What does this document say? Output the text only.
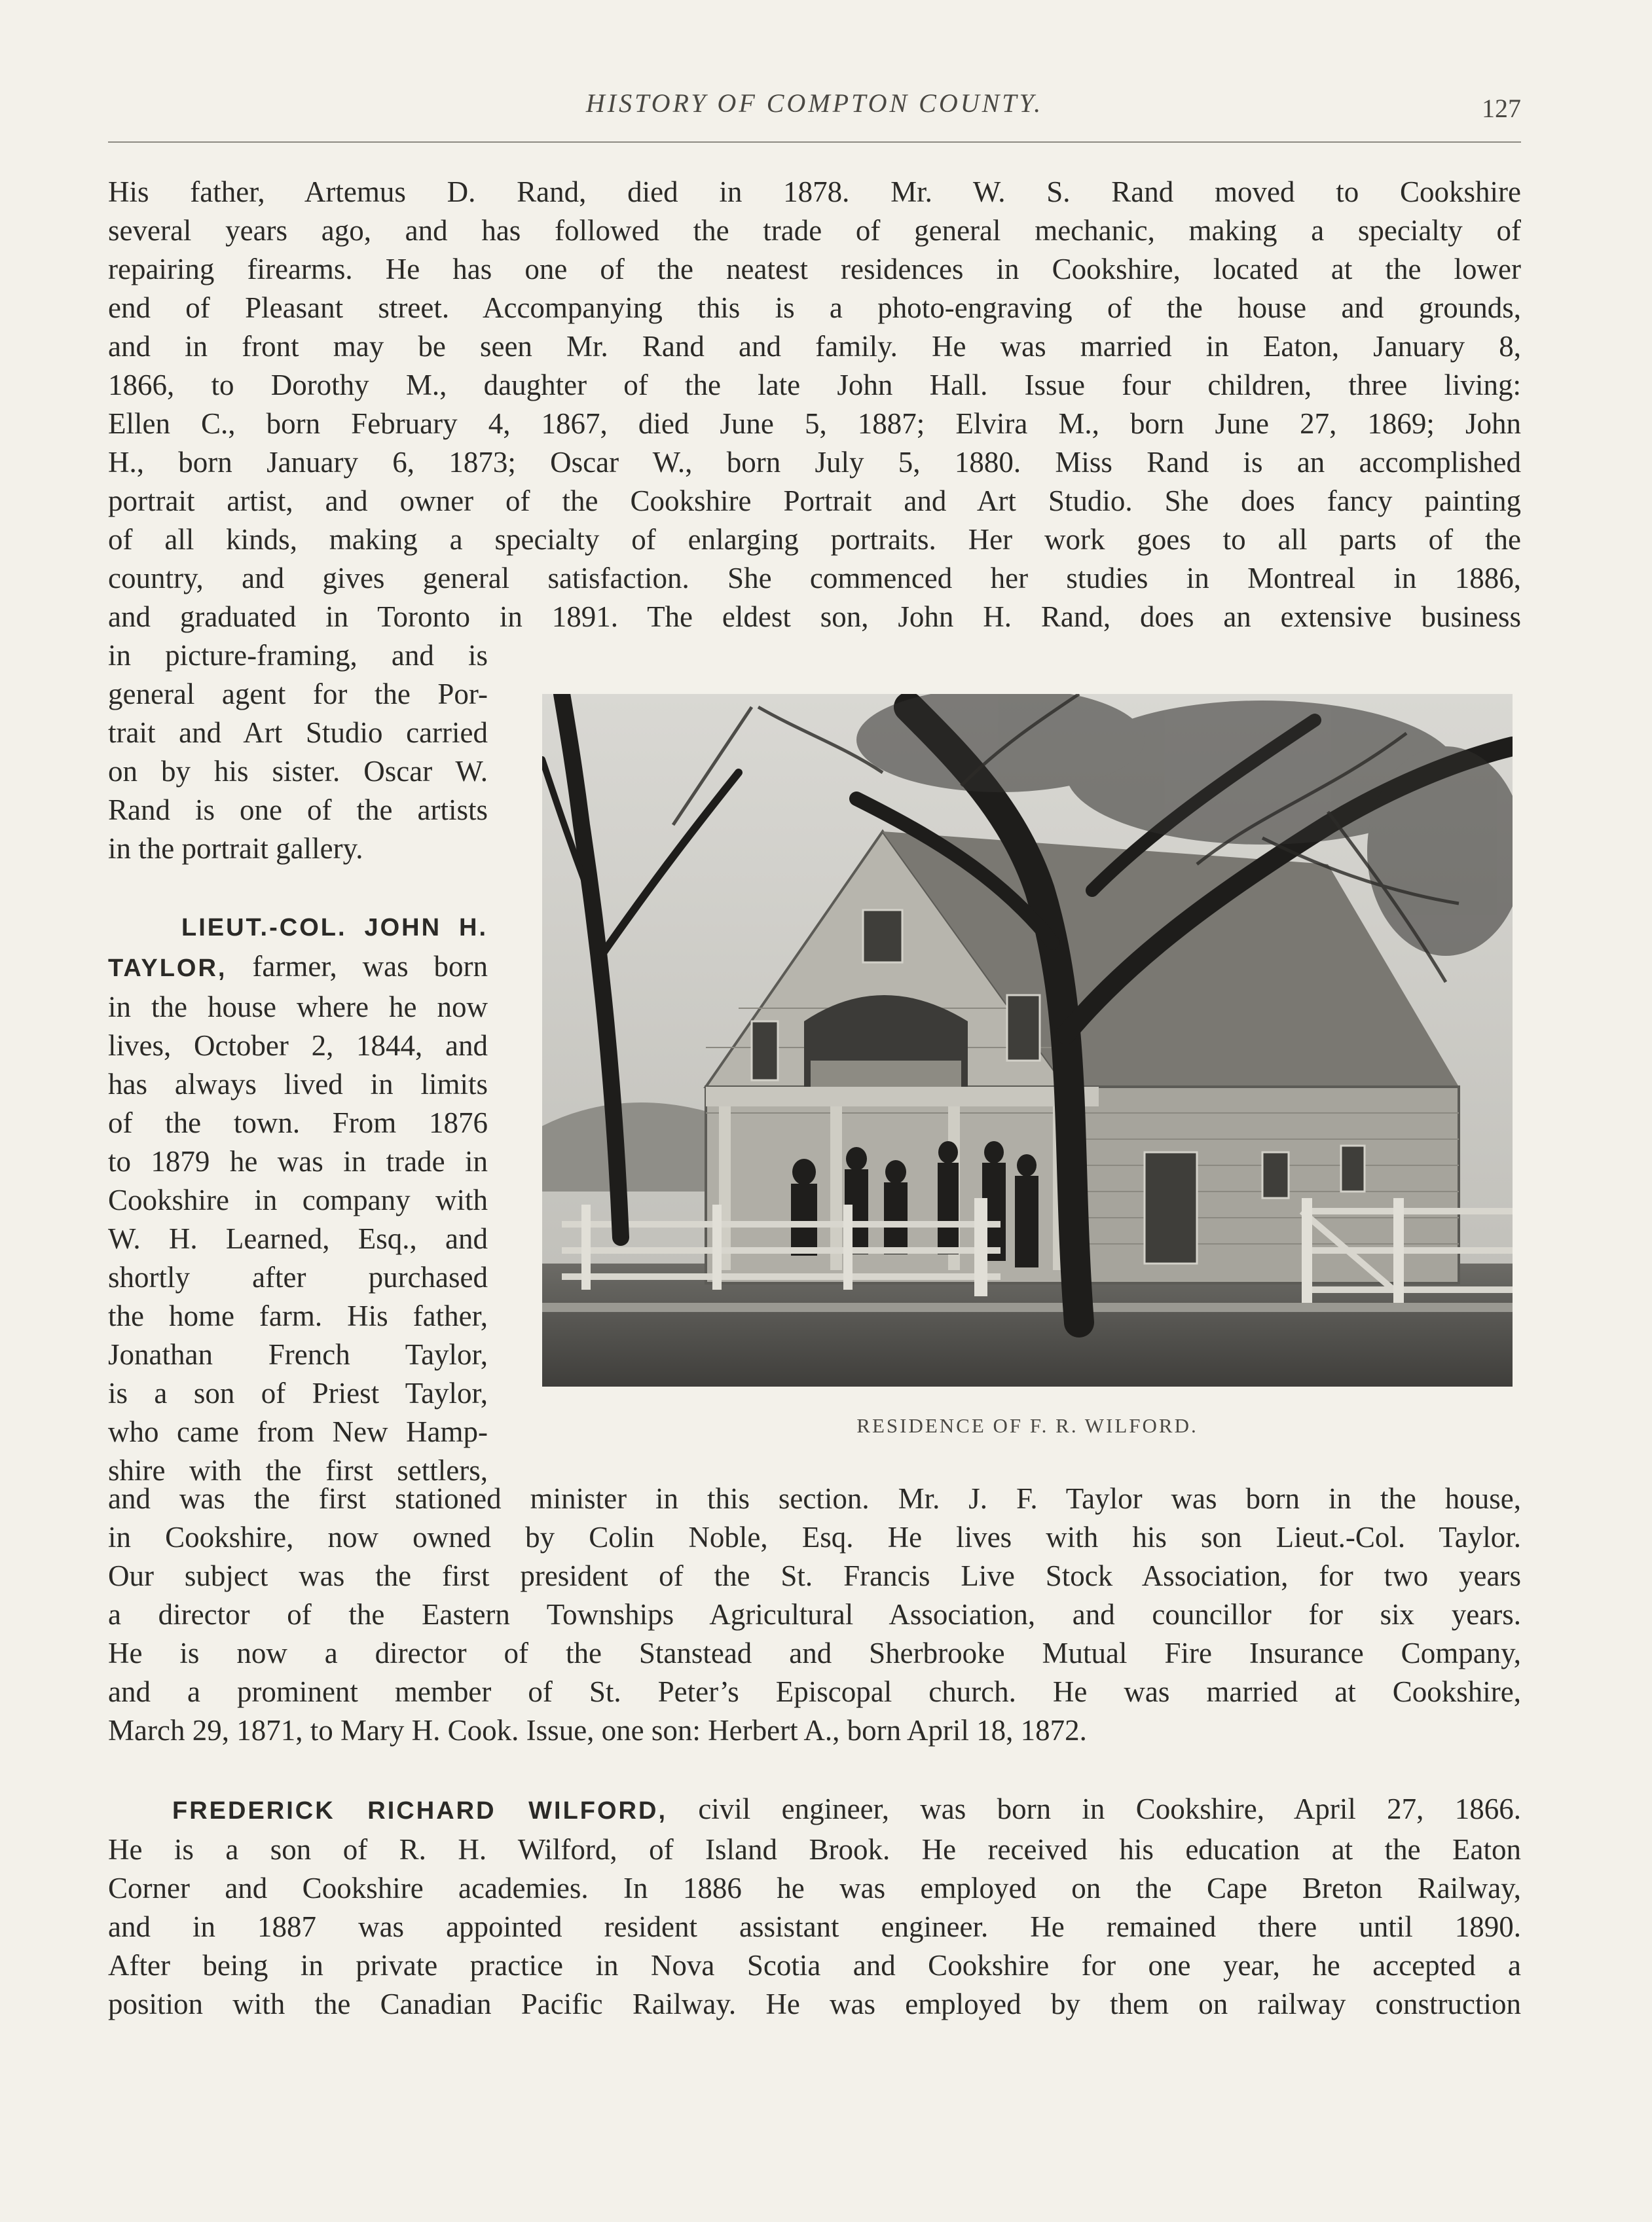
HISTORY OF COMPTON COUNTY.	127
His father, Artemus D. Rand, died in 1878. Mr. W. S. Rand moved to Cookshire
several years ago, and has followed the trade of general mechanic, making a specialty of
repairing firearms. He has one of the neatest residences in Cookshire, located at the lower
end of Pleasant street. Accompanying this is a photo-engraving of the house and grounds,
and in front may be seen Mr. Rand and family. He was married in Eaton, January 8,
1866, to Dorothy M., daughter of the late John Hall. Issue four children, three living:
Ellen C., born February 4, 1867, died June 5, 1887; Elvira M., born June 27, 1869; John
H., born January 6, 1873; Oscar W., born July 5, 1880. Miss Rand is an accomplished
portrait artist, and owner of the Cookshire Portrait and Art Studio. She does fancy painting
of all kinds, making a specialty of enlarging portraits. Her work goes to all parts of the
country, and gives general satisfaction. She commenced her studies in Montreal in 1886,
and graduated in Toronto in 1891. The eldest son, John H. Rand, does an extensive business
in picture-framing, and is
general agent for the Por-
trait and Art Studio carried
on by his sister. Oscar W.
Rand is one of the artists
in the portrait gallery.
LIEUT.-COL. JOHN H.
TAYLOR, farmer, was born
in the house where he now
lives, October 2, 1844, and
has always lived in limits
of the town. From 1876
to 1879 he was in trade in
Cookshire in company with
W. H. Learned, Esq., and
shortly after purchased
the home farm. His father,
Jonathan French Taylor,
is a son of Priest Taylor,
who came from New Hamp-
shire with the first settlers,
RESIDENCE OF F. R. WILFORD.
and was the first stationed minister in this section. Mr. J. F. Taylor was born in the house,
in Cookshire, now owned by Colin Noble, Esq. He lives with his son Lieut.-Col. Taylor.
Our subject was the first president of the St. Francis Live Stock Association, for two years
a director of the Eastern Townships Agricultural Association, and councillor for six years.
He is now a director of the Stanstead and Sherbrooke Mutual Fire Insurance Company,
and a prominent member of St. Peter’s Episcopal church. He was married at Cookshire,
March 29, 1871, to Mary H. Cook. Issue, one son: Herbert A., born April 18, 1872.
FREDERICK RICHARD WILFORD, civil engineer, was born in Cookshire, April 27, 1866.
He is a son of R. H. Wilford, of Island Brook. He received his education at the Eaton
Corner and Cookshire academies. In 1886 he was employed on the Cape Breton Railway,
and in 1887 was appointed resident assistant engineer. He remained there until 1890.
After being in private practice in Nova Scotia and Cookshire for one year, he accepted a
position with the Canadian Pacific Railway. He was employed by them on railway construction
